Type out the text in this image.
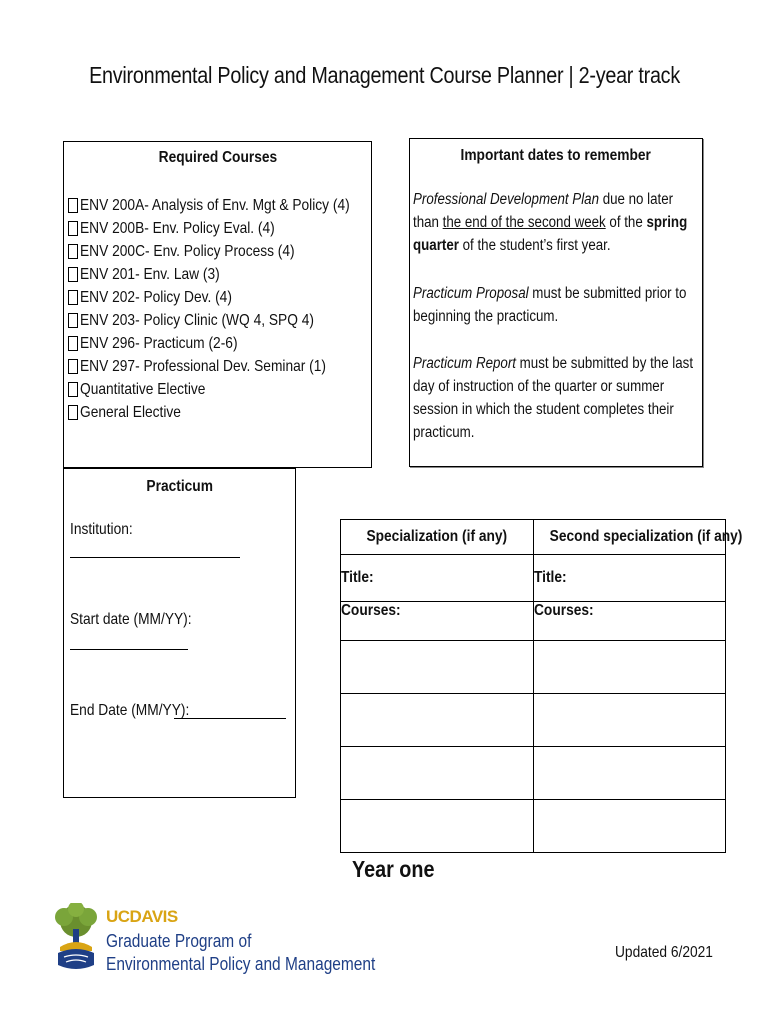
Environmental Policy and Management Course Planner | 2-year track
Required Courses
ENV 200A- Analysis of Env. Mgt & Policy (4)
ENV 200B- Env. Policy Eval. (4)
ENV 200C- Env. Policy Process (4)
ENV 201- Env. Law (3)
ENV 202- Policy Dev. (4)
ENV 203- Policy Clinic (WQ 4, SPQ 4)
ENV 296- Practicum (2-6)
ENV 297- Professional Dev. Seminar (1)
Quantitative Elective
General Elective
Important dates to remember
Professional Development Plan due no later than the end of the second week of the spring quarter of the student’s first year.
Practicum Proposal must be submitted prior to beginning the practicum.
Practicum Report must be submitted by the last day of instruction of the quarter or summer session in which the student completes their practicum.
Practicum
Institution:
Start date (MM/YY):
End Date (MM/YY):
Specialization (if any)	Second specialization (if any)
Title:	Title:
Courses:	Courses:

Year one
UCDAVIS
Graduate Program of
Environmental Policy and Management
Updated 6/2021
